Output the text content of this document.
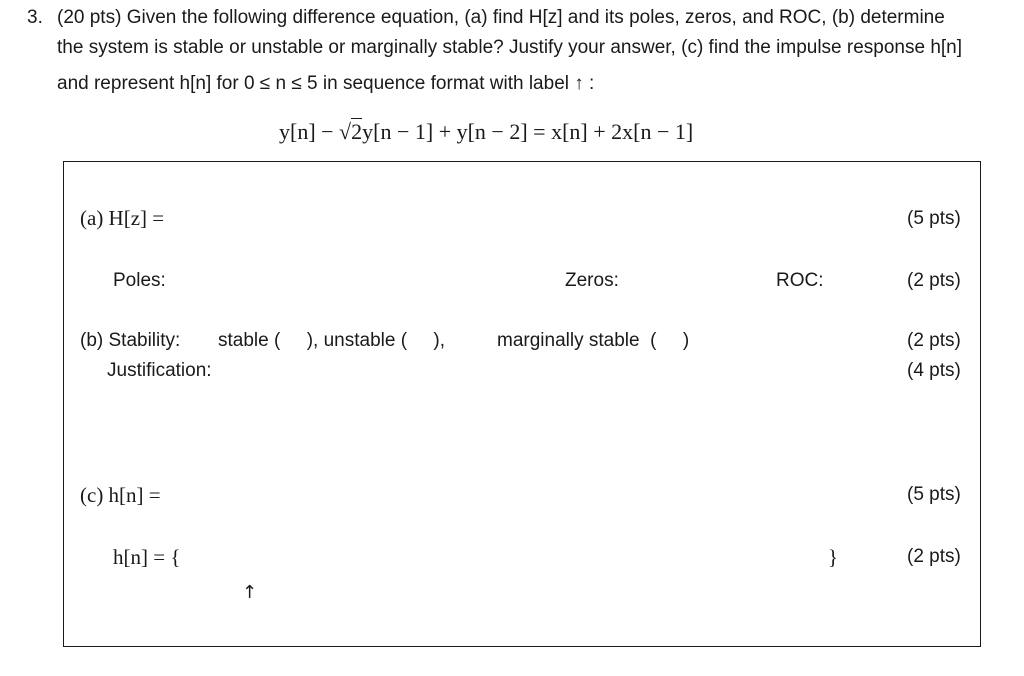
3. (20 pts) Given the following difference equation, (a) find H[z] and its poles, zeros, and ROC, (b) determine
the system is stable or unstable or marginally stable? Justify your answer, (c) find the impulse response h[n]
and represent h[n] for 0 ≤ n ≤ 5 in sequence format with label ↑ :
y[n] − √2y[n − 1] + y[n − 2] = x[n] + 2x[n − 1]
(a) H[z] =	(5 pts)
Poles:	Zeros:	ROC:	(2 pts)
(b) Stability: stable (     ), unstable (     ),	marginally stable  (     )	(2 pts)
Justification:	(4 pts)
(c) h[n] =	(5 pts)
h[n] = {	}	(2 pts)
↑
